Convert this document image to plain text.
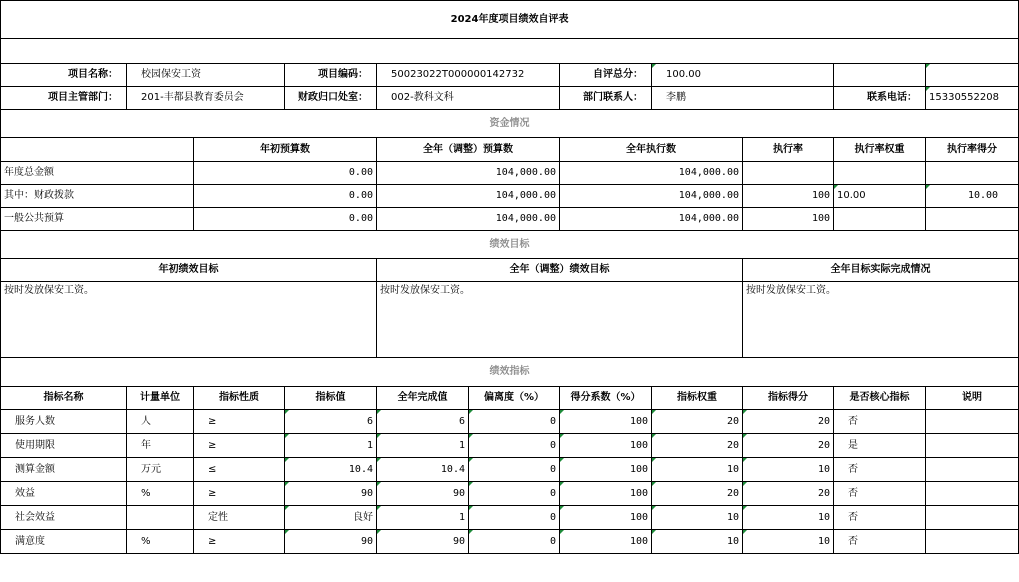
2024年度项目绩效自评表										

项目名称：	校园保安工资		项目编码：	50023022T000000142732		自评总分：	100.00			
项目主管部门：	201-丰都县教育委员会		财政归口处室：	002-教科文科		部门联系人：	李鹏		联系电话：	15330552208
资金情况										
		年初预算数		全年（调整）预算数		全年执行数		执行率	执行率权重	执行率得分
年度总金额		0.00		104,000.00		104,000.00				
其中：财政拨款		0.00		104,000.00		104,000.00		100	10.00	10.00
一般公共预算		0.00		104,000.00		104,000.00		100		
绩效目标										
年初绩效目标				全年（调整）绩效目标				全年目标实际完成情况		
按时发放保安工资。				按时发放保安工资。				按时发放保安工资。		
绩效指标										
指标名称	计量单位	指标性质	指标值	全年完成值	偏离度（%）	得分系数（%）	指标权重	指标得分	是否核心指标	说明
服务人数	人	≥	6	6	0	100	20	20	否	
使用期限	年	≥	1	1	0	100	20	20	是	
测算金额	万元	≤	10.4	10.4	0	100	10	10	否	
效益	%	≥	90	90	0	100	20	20	否	
社会效益		定性	良好	1	0	100	10	10	否	
满意度	%	≥	90	90	0	100	10	10	否	
